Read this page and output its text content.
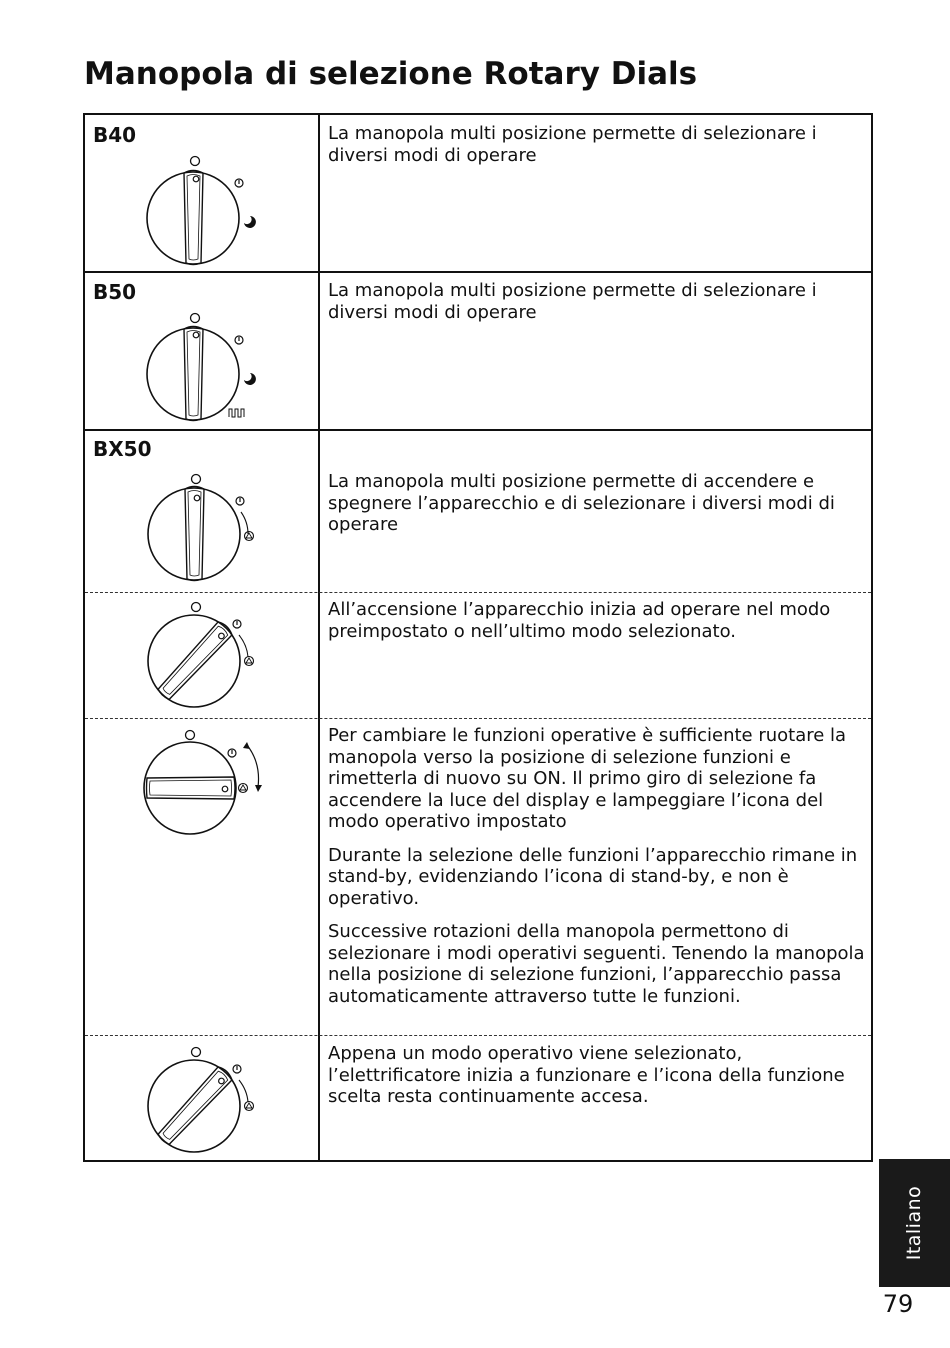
Manopola di selezione Rotary Dials

B40	La manopola multi posizione permette di selezionare i diversi modi di operare

B50	La manopola multi posizione permette di selezionare i diversi modi di operare

BX50

La manopola multi posizione permette di accendere e spegnere l’apparecchio e di selezionare i diversi modi di operare

All’accensione l’apparecchio inizia ad operare nel modo preimpostato o nell’ultimo modo selezionato.

Per cambiare le funzioni operative è sufficiente ruotare la manopola verso la posizione di selezione funzioni e rimetterla di nuovo su ON. Il primo giro di selezione fa accendere la luce del display e lampeggiare l’icona del modo operativo impostato

Durante la selezione delle funzioni l’apparecchio rimane in stand-by, evidenziando l’icona di stand-by, e non è operativo.

Successive rotazioni della manopola permettono di selezionare i modi operativi seguenti. Tenendo la manopola nella posizione di selezione funzioni, l’apparecchio passa automaticamente attraverso tutte le funzioni.

Appena un modo operativo viene selezionato, l’elettrificatore inizia a funzionare e l’icona della funzione scelta resta continuamente accesa.

Italiano
79
